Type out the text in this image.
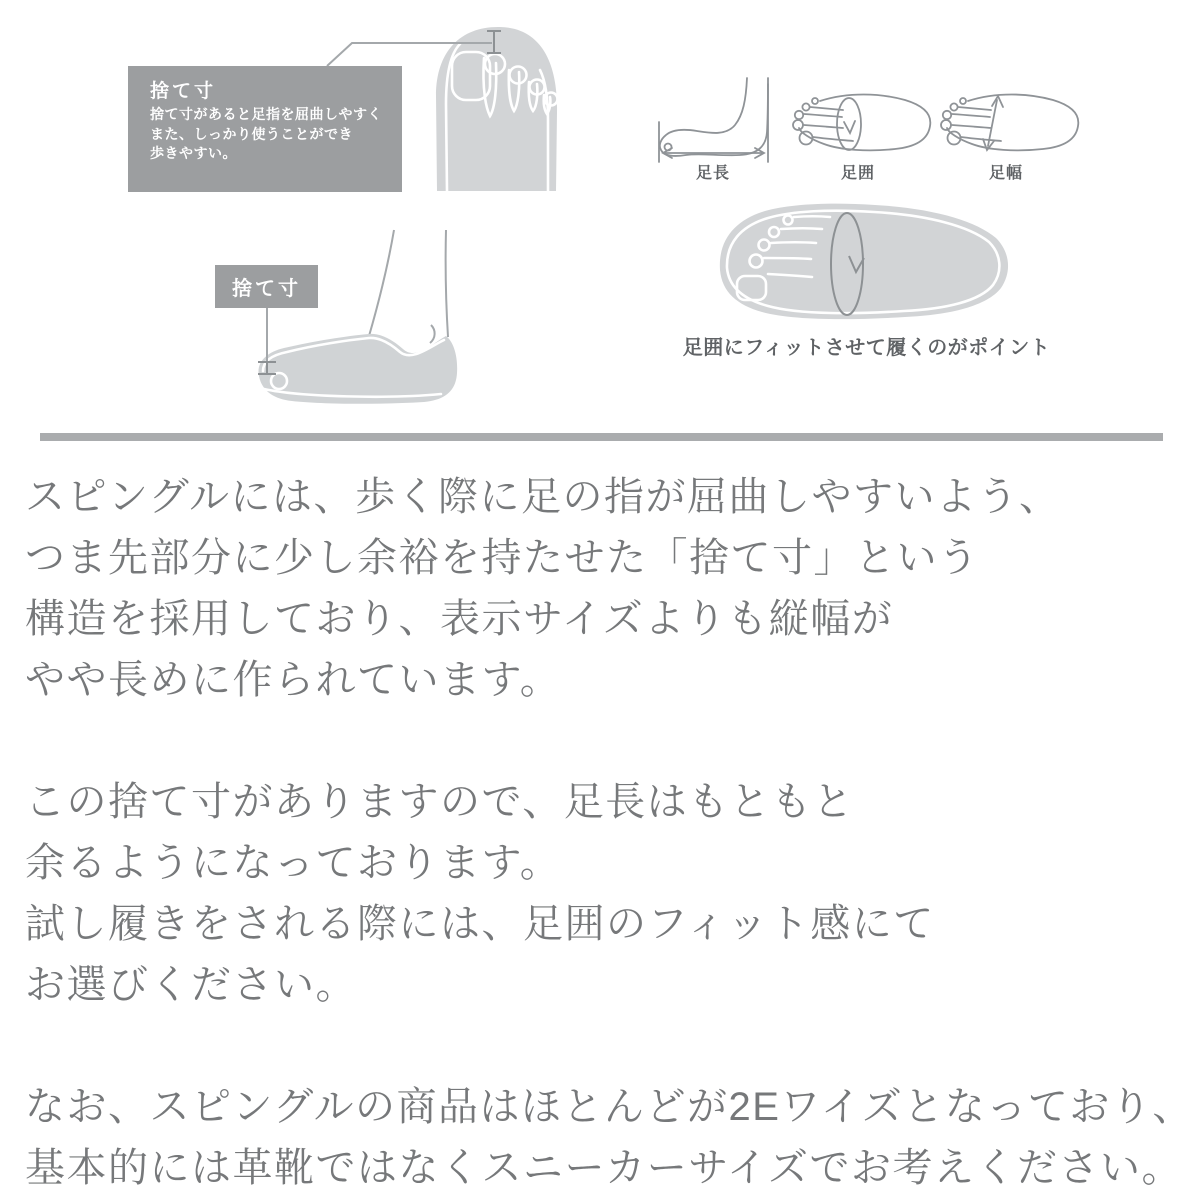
足長	足囲	足幅
捨て寸
捨て寸があると足指を屈曲しやすく
また、しっかり使うことができ
歩きやすい。
捨て寸
足囲にフィットさせて履くのがポイント

スピングルには、歩く際に足の指が屈曲しやすいよう、
つま先部分に少し余裕を持たせた「捨て寸」という
構造を採用しており、表示サイズよりも縦幅が
やや長めに作られています。

この捨て寸がありますので、足長はもともと
余るようになっております。
試し履きをされる際には、足囲のフィット感にて
お選びください。

なお、スピングルの商品はほとんどが2Eワイズとなっており、
基本的には革靴ではなくスニーカーサイズでお考えください。
